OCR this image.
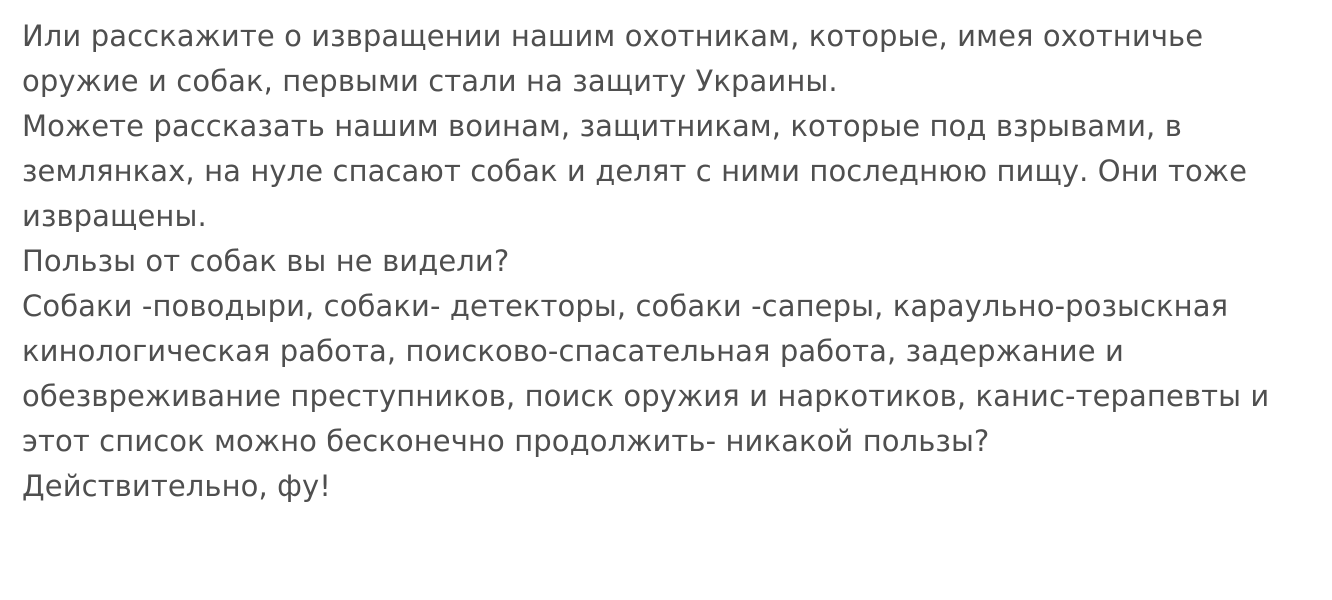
Или расскажите о извращении нашим охотникам, которые, имея охотничье оружие и собак, первыми стали на защиту Украины.

Можете рассказать нашим воинам, защитникам, которые под взрывами, в землянках, на нуле спасают собак и делят с ними последнюю пищу. Они тоже извращены.

Пользы от собак вы не видели?

Собаки -поводыри, собаки- детекторы, собаки -саперы, караульно-розыскная кинологическая работа, поисково-спасательная работа, задержание и обезвреживание преступников, поиск оружия и наркотиков, канис-терапевты и этот список можно бесконечно продолжить- никакой пользы?

Действительно, фу!
